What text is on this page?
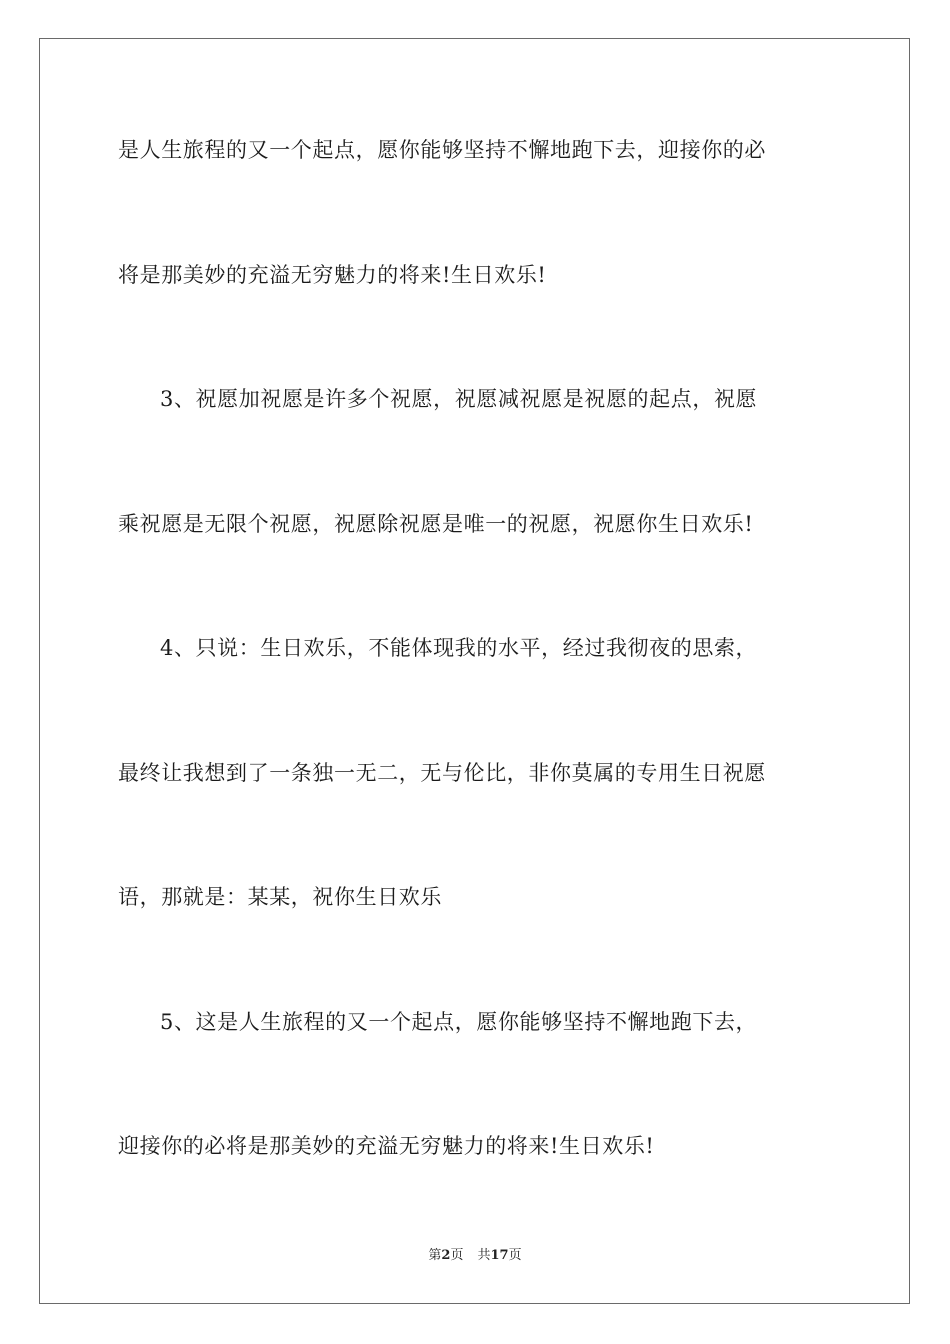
是人生旅程的又一个起点，愿你能够坚持不懈地跑下去，迎接你的必
将是那美妙的充溢无穷魅力的将来!生日欢乐!
3、祝愿加祝愿是许多个祝愿，祝愿减祝愿是祝愿的起点，祝愿
乘祝愿是无限个祝愿，祝愿除祝愿是唯一的祝愿，祝愿你生日欢乐!
4、只说：生日欢乐，不能体现我的水平，经过我彻夜的思索，
最终让我想到了一条独一无二，无与伦比，非你莫属的专用生日祝愿
语，那就是：某某，祝你生日欢乐
5、这是人生旅程的又一个起点，愿你能够坚持不懈地跑下去，
迎接你的必将是那美妙的充溢无穷魅力的将来!生日欢乐!
第2页 共17页
